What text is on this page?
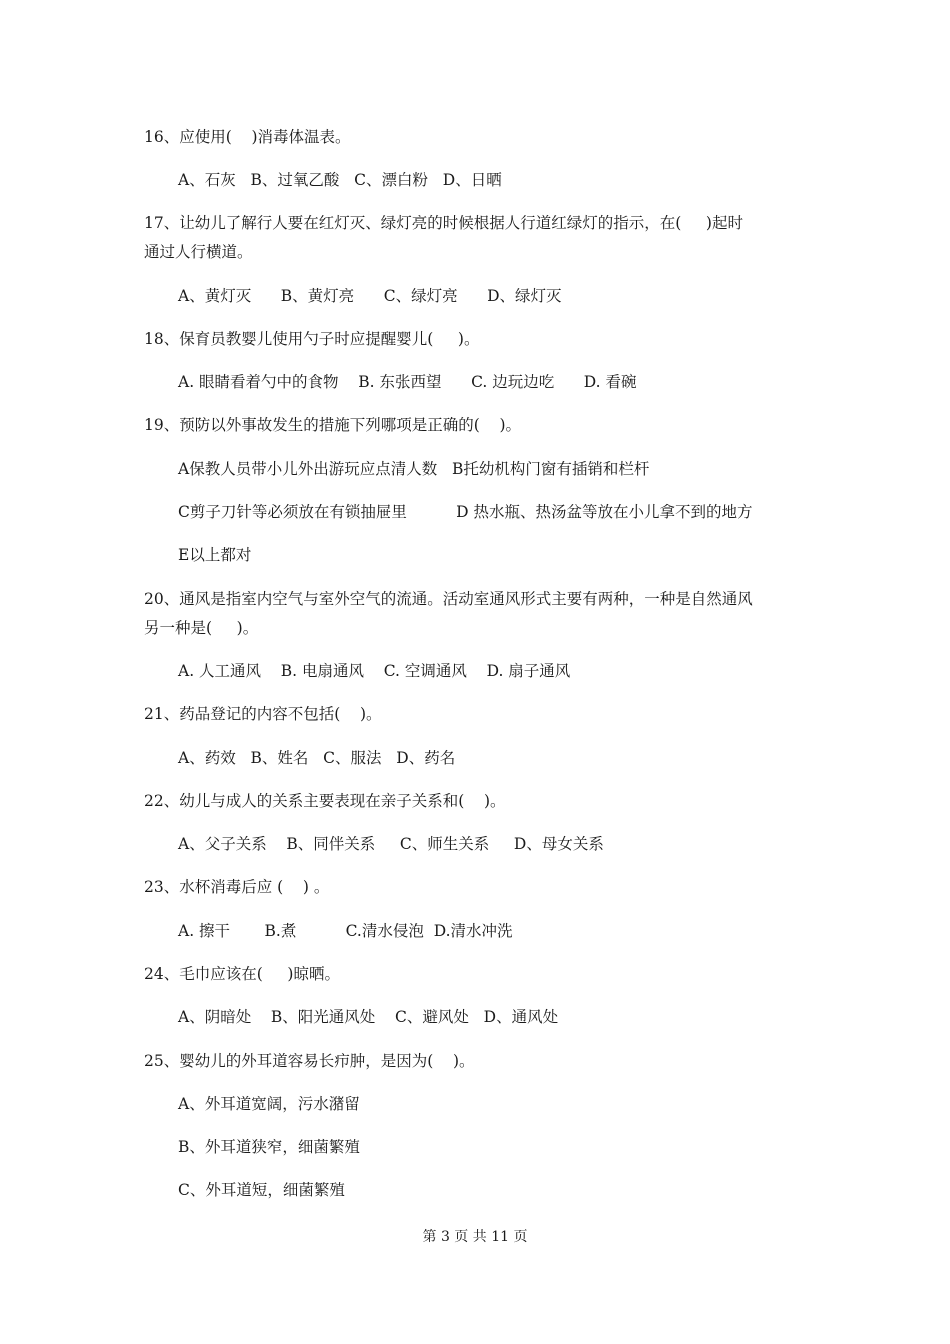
16、应使用(    )消毒体温表。
A、石灰   B、过氧乙酸   C、漂白粉   D、日晒
17、让幼儿了解行人要在红灯灭、绿灯亮的时候根据人行道红绿灯的指示，在(     )起时
通过人行横道。
A、黄灯灭      B、黄灯亮      C、绿灯亮      D、绿灯灭
18、保育员教婴儿使用勺子时应提醒婴儿(     )。
A. 眼睛看着勺中的食物    B. 东张西望      C. 边玩边吃      D. 看碗
19、预防以外事故发生的措施下列哪项是正确的(    )。
A保教人员带小儿外出游玩应点清人数   B托幼机构门窗有插销和栏杆
C剪子刀针等必须放在有锁抽屉里          D 热水瓶、热汤盆等放在小儿拿不到的地方
E以上都对
20、通风是指室内空气与室外空气的流通。活动室通风形式主要有两种，一种是自然通风
另一种是(     )。
A. 人工通风    B. 电扇通风    C. 空调通风    D. 扇子通风
21、药品登记的内容不包括(    )。
A、药效   B、姓名   C、服法   D、药名
22、幼儿与成人的关系主要表现在亲子关系和(    )。
A、父子关系    B、同伴关系     C、师生关系     D、母女关系
23、水杯消毒后应 (    ) 。
A. 擦干       B.煮          C.清水侵泡  D.清水冲洗
24、毛巾应该在(     )晾晒。
A、阴暗处    B、阳光通风处    C、避风处   D、通风处
25、婴幼儿的外耳道容易长疖肿，是因为(    )。
A、外耳道宽阔，污水潴留
B、外耳道狭窄，细菌繁殖
C、外耳道短，细菌繁殖
第 3 页 共 11 页
